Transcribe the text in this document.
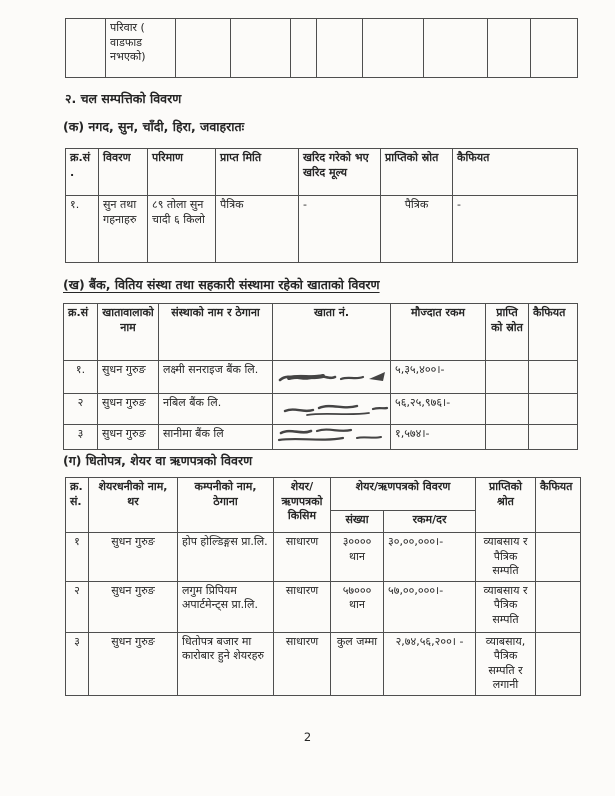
	परिवार ( वाडफाड नभएको)								
२. चल सम्पत्तिको विवरण
(क) नगद, सुन, चाँदी, हिरा, जवाहरातः
क्र.सं.	विवरण	परिमाण	प्राप्त मिति	खरिद गरेको भए खरिद मूल्य	प्राप्तिको स्रोत	कैफियत
१.	सुन तथा गहनाहरु	८९ तोला सुन चादी ६ किलो	पैत्रिक	-	पैत्रिक	-
(ख) बैंक, वितिय संस्था तथा सहकारी संस्थामा रहेको खाताको विवरण
क्र.सं	खातावालाको नाम	संस्थाको नाम र ठेगाना	खाता नं.	मौज्दात रकम	प्राप्ति को स्रोत	कैफियत
१.	सुधन गुरुङ	लक्ष्मी सनराइज बैंक लि.		५,३५,४००।-		
२	सुधन गुरुङ	नबिल बैंक लि.		५६,२५,९७६।-		
३	सुधन गुरुङ	सानीमा बैंक लि		१,५७४।-		
(ग) धितोपत्र, शेयर वा ऋणपत्रको विवरण
क्र. सं.	शेयरधनीको नाम, थर	कम्पनीको नाम, ठेगाना	शेयर/ ऋणपत्रको किसिम	शेयर/ऋणपत्रको विवरण		प्राप्तिको श्रोत	कैफियत
				संख्या	रकम/दर		
१	सुधन गुरुङ	होप होल्डिङ्गस प्रा.लि.	साधारण	३०००० थान	३०,००,०००।-	व्याबसाय र पैत्रिक सम्पति	
२	सुधन गुरुङ	लगुम प्रिपियम अपार्टमेन्ट्स प्रा.लि.	साधारण	५७००० थान	५७,००,०००।-	व्याबसाय र पैत्रिक सम्पति	
३	सुधन गुरुङ	धितोपत्र बजार मा कारोबार हुने शेयरहरु	साधारण	कुल जम्मा	२,७४,५६,२००। -	व्याबसाय, पैत्रिक सम्पति र लगानी	
2
